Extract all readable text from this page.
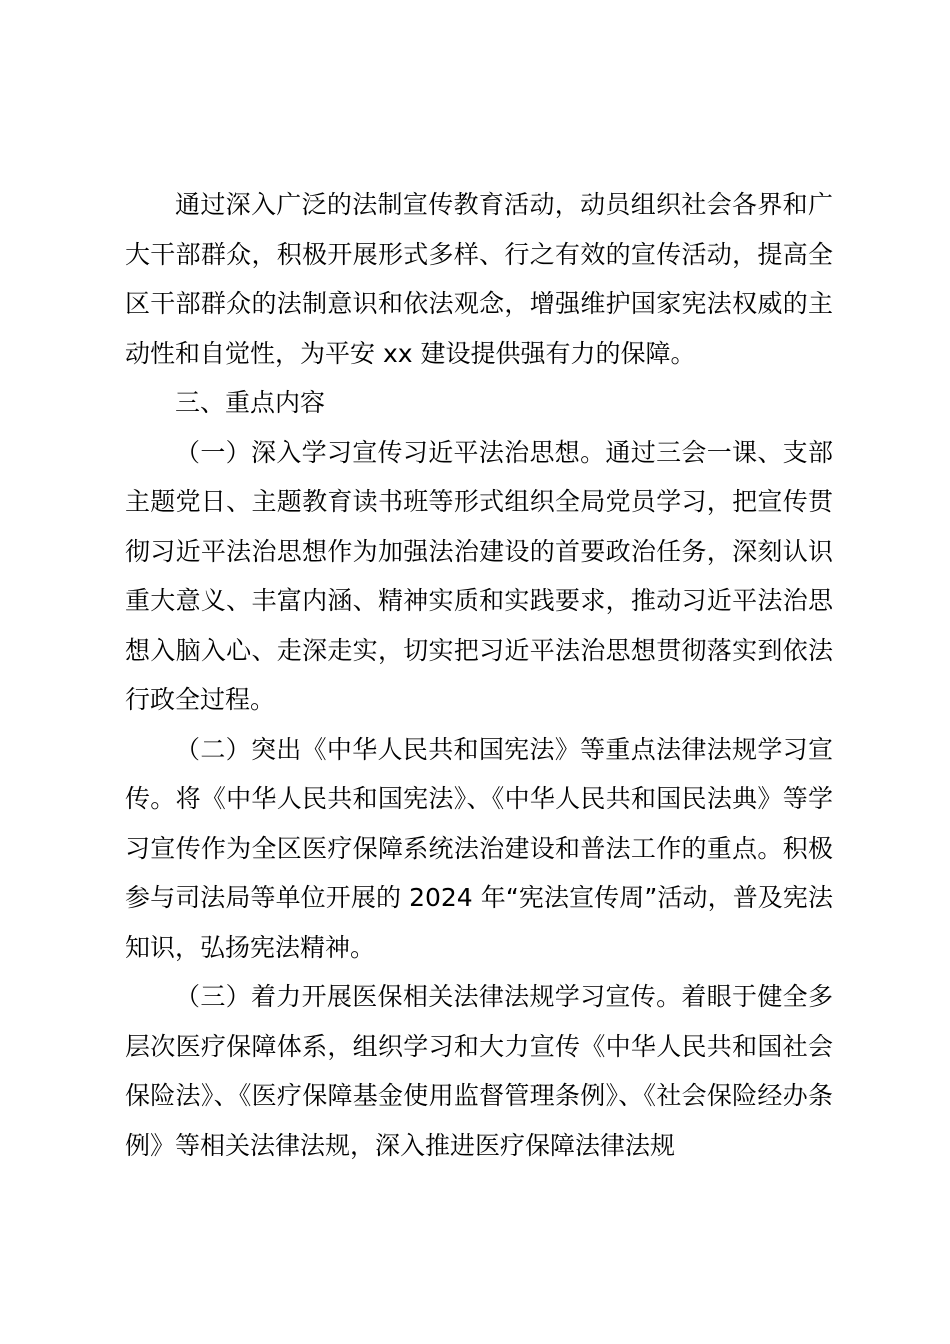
通过深入广泛的法制宣传教育活动，动员组织社会各界和广大干部群众，积极开展形式多样、行之有效的宣传活动，提高全区干部群众的法制意识和依法观念，增强维护国家宪法权威的主动性和自觉性，为平安 xx 建设提供强有力的保障。

三、重点内容

（一）深入学习宣传习近平法治思想。通过三会一课、支部主题党日、主题教育读书班等形式组织全局党员学习，把宣传贯彻习近平法治思想作为加强法治建设的首要政治任务，深刻认识重大意义、丰富内涵、精神实质和实践要求，推动习近平法治思想入脑入心、走深走实，切实把习近平法治思想贯彻落实到依法行政全过程。

（二）突出《中华人民共和国宪法》等重点法律法规学习宣传。将《中华人民共和国宪法》、《中华人民共和国民法典》等学习宣传作为全区医疗保障系统法治建设和普法工作的重点。积极参与司法局等单位开展的 2024 年“宪法宣传周”活动，普及宪法知识，弘扬宪法精神。

（三）着力开展医保相关法律法规学习宣传。着眼于健全多层次医疗保障体系，组织学习和大力宣传《中华人民共和国社会保险法》、《医疗保障基金使用监督管理条例》、《社会保险经办条例》等相关法律法规，深入推进医疗保障法律法规
